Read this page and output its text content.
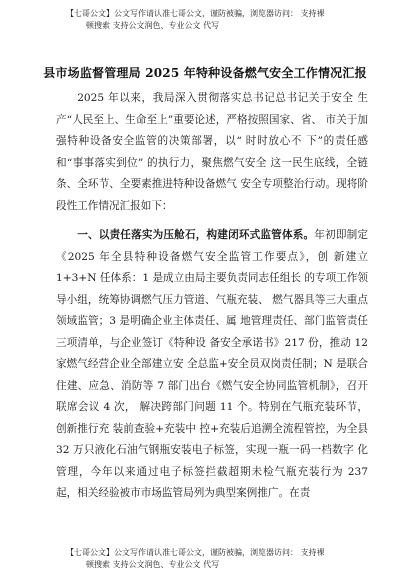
【七哥公文】公文写作请认准七哥公文，谨防被骗，浏览器访问： 支持裸
顿搜索 支持公文润色、专业公文 代写
县市场监督管理局 2025 年特种设备燃气安全工作情况汇报

2025 年以来，我局深入贯彻落实总书记总书记关于安全 生产“人民至上、生命至上”重要论述，严格按照国家、省、 市关于加强特种设备安全监管的决策部署，以“ 时时放心不 下”的责任感和“事事落实到位” 的执行力，聚焦燃气安全 这一民生底线，全链条、全环节、全要素推进特种设备燃气 安全专项整治行动。现将阶段性工作情况汇报如下：

一、以责任落实为压舱石，构建闭环式监管体系。年初即制定《2025 年全县特种设备燃气安全监管工作要点》，创 新建立 1+3+N 任体系：1 是成立由局主要负责同志任组长 的专项工作领导小组，统筹协调燃气压力管道、气瓶充装、 燃气器具等三大重点领域监管；3 是明确企业主体责任、属 地管理责任、部门监管责任三项清单，与企业签订《特种设 备安全承诺书》217 份，推动 12 家燃气经营企业全部建立安 全总监+安全员双岗责任制；N 是联合住建、应急、消防等 7 部门出台《燃气安全协同监管机制》，召开联席会议 4 次， 解决跨部门问题 11 个。特别在气瓶充装环节，创新推行充 装前查验+充装中 控+充装后追溯全流程管控，为全县 32 万只液化石油气钢瓶安装电子标签，实现一瓶一码一档数字 化管理，今年以来通过电子标签拦截超期未检气瓶充装行为 237 起，相关经验被市市场监管局列为典型案例推广。在责

【七哥公文】公文写作请认准七哥公文，谨防被骗，浏览器访问： 支持裸
顿搜索 支持公文润色、专业公文 代写
